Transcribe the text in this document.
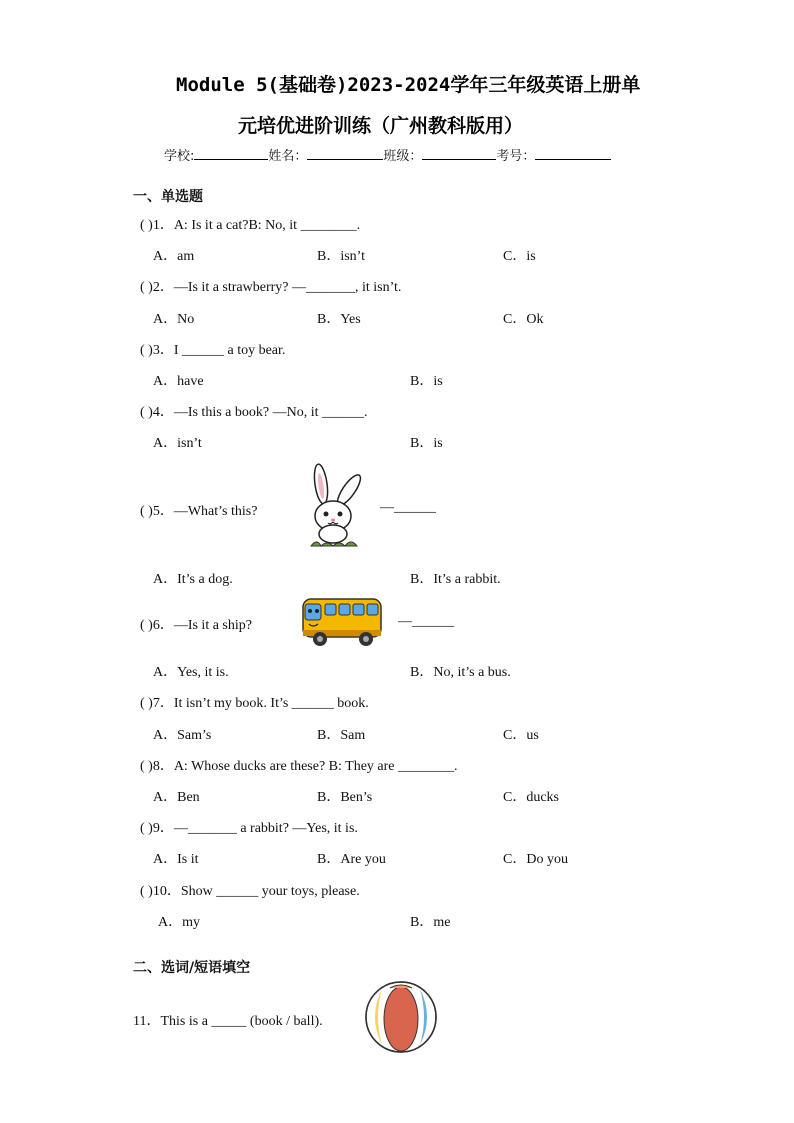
Module 5(基础卷)2023-2024学年三年级英语上册单
元培优进阶训练（广州教科版用）
学校:	姓名：	班级：	考号：
一、单选题
( )1．A: Is it a cat?B: No, it ________.
A．am	B．isn’t	C．is
( )2．—Is it a strawberry? —_______, it isn’t.
A．No	B．Yes	C．Ok
( )3．I ______ a toy bear.
A．have	B．is
( )4．—Is this a book? —No, it ______.
A．isn’t	B．is
( )5．—What’s this?	—______
A．It’s a dog.	B．It’s a rabbit.
( )6．—Is it a ship?	—______
A．Yes, it is.	B．No, it’s a bus.
( )7．It isn’t my book. It’s ______ book.
A．Sam’s	B．Sam	C．us
( )8．A: Whose ducks are these? B: They are ________.
A．Ben	B．Ben’s	C．ducks
( )9．—_______ a rabbit? —Yes, it is.
A．Is it	B．Are you	C．Do you
( )10．Show ______ your toys, please.
A．my	B．me
二、选词/短语填空
11．This is a _____ (book / ball).
